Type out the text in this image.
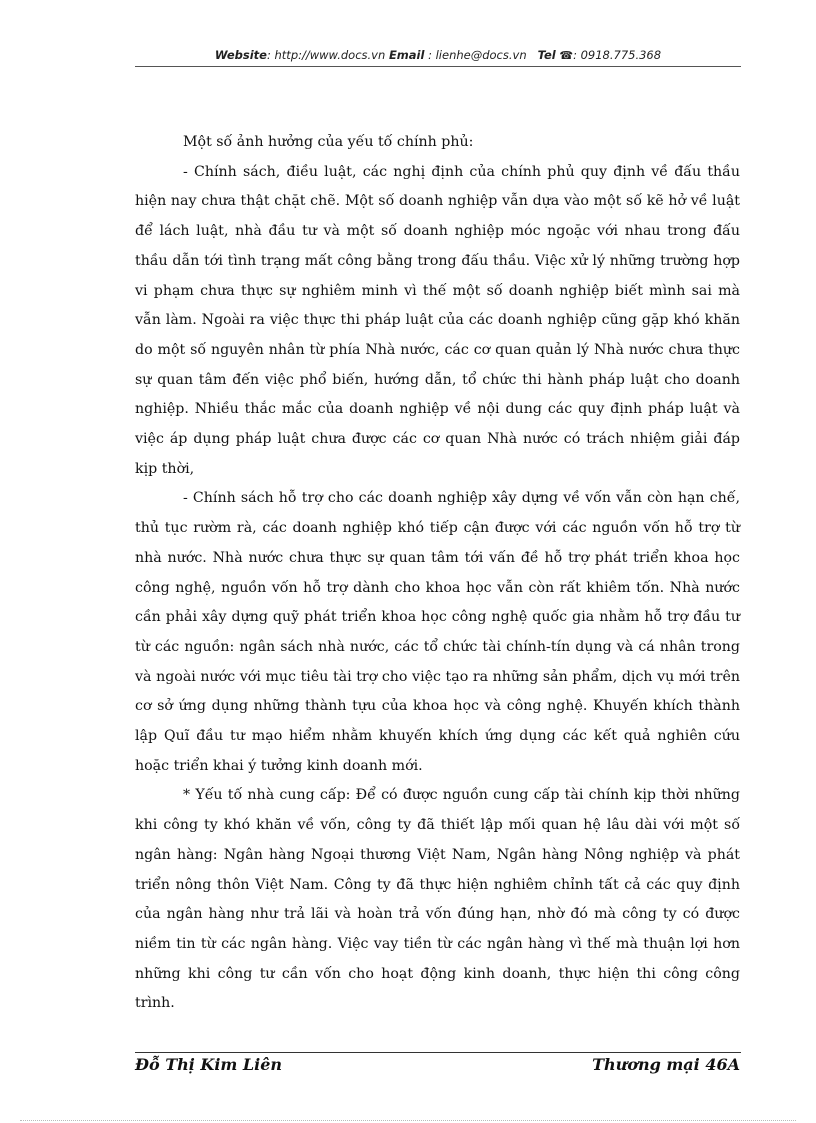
Website: http://www.docs.vn Email : lienhe@docs.vn Tel ☎: 0918.775.368

Một số ảnh hưởng của yếu tố chính phủ:

- Chính sách, điều luật, các nghị định của chính phủ quy định về đấu thầu hiện nay chưa thật chặt chẽ. Một số doanh nghiệp vẫn dựa vào một số kẽ hở về luật để lách luật, nhà đầu tư và một số doanh nghiệp móc ngoặc với nhau trong đấu thầu dẫn tới tình trạng mất công bằng trong đấu thầu. Việc xử lý những trường hợp vi phạm chưa thực sự nghiêm minh vì thế một số doanh nghiệp biết mình sai mà vẫn làm. Ngoài ra việc thực thi pháp luật của các doanh nghiệp cũng gặp khó khăn do một số nguyên nhân từ phía Nhà nước, các cơ quan quản lý Nhà nước chưa thực sự quan tâm đến việc phổ biến, hướng dẫn, tổ chức thi hành pháp luật cho doanh nghiệp. Nhiều thắc mắc của doanh nghiệp về nội dung các quy định pháp luật và việc áp dụng pháp luật chưa được các cơ quan Nhà nước có trách nhiệm giải đáp kịp thời,

- Chính sách hỗ trợ cho các doanh nghiệp xây dựng về vốn vẫn còn hạn chế, thủ tục rườm rà, các doanh nghiệp khó tiếp cận được với các nguồn vốn hỗ trợ từ nhà nước. Nhà nước chưa thực sự quan tâm tới vấn đề hỗ trợ phát triển khoa học công nghệ, nguồn vốn hỗ trợ dành cho khoa học vẫn còn rất khiêm tốn. Nhà nước cần phải xây dựng quỹ phát triển khoa học công nghệ quốc gia nhằm hỗ trợ đầu tư từ các nguồn: ngân sách nhà nước, các tổ chức tài chính-tín dụng và cá nhân trong và ngoài nước với mục tiêu tài trợ cho việc tạo ra những sản phẩm, dịch vụ mới trên cơ sở ứng dụng những thành tựu của khoa học và công nghệ. Khuyến khích thành lập Quĩ đầu tư mạo hiểm nhằm khuyến khích ứng dụng các kết quả nghiên cứu hoặc triển khai ý tưởng kinh doanh mới.

* Yếu tố nhà cung cấp: Để có được nguồn cung cấp tài chính kịp thời những khi công ty khó khăn về vốn, công ty đã thiết lập mối quan hệ lâu dài với một số ngân hàng: Ngân hàng Ngoại thương Việt Nam, Ngân hàng Nông nghiệp và phát triển nông thôn Việt Nam. Công ty đã thực hiện nghiêm chỉnh tất cả các quy định của ngân hàng như trả lãi và hoàn trả vốn đúng hạn, nhờ đó mà công ty có được niềm tin từ các ngân hàng. Việc vay tiền từ các ngân hàng vì thế mà thuận lợi hơn những khi công tư cần vốn cho hoạt động kinh doanh, thực hiện thi công công trình.

Đỗ Thị Kim Liên	Thương mại 46A
